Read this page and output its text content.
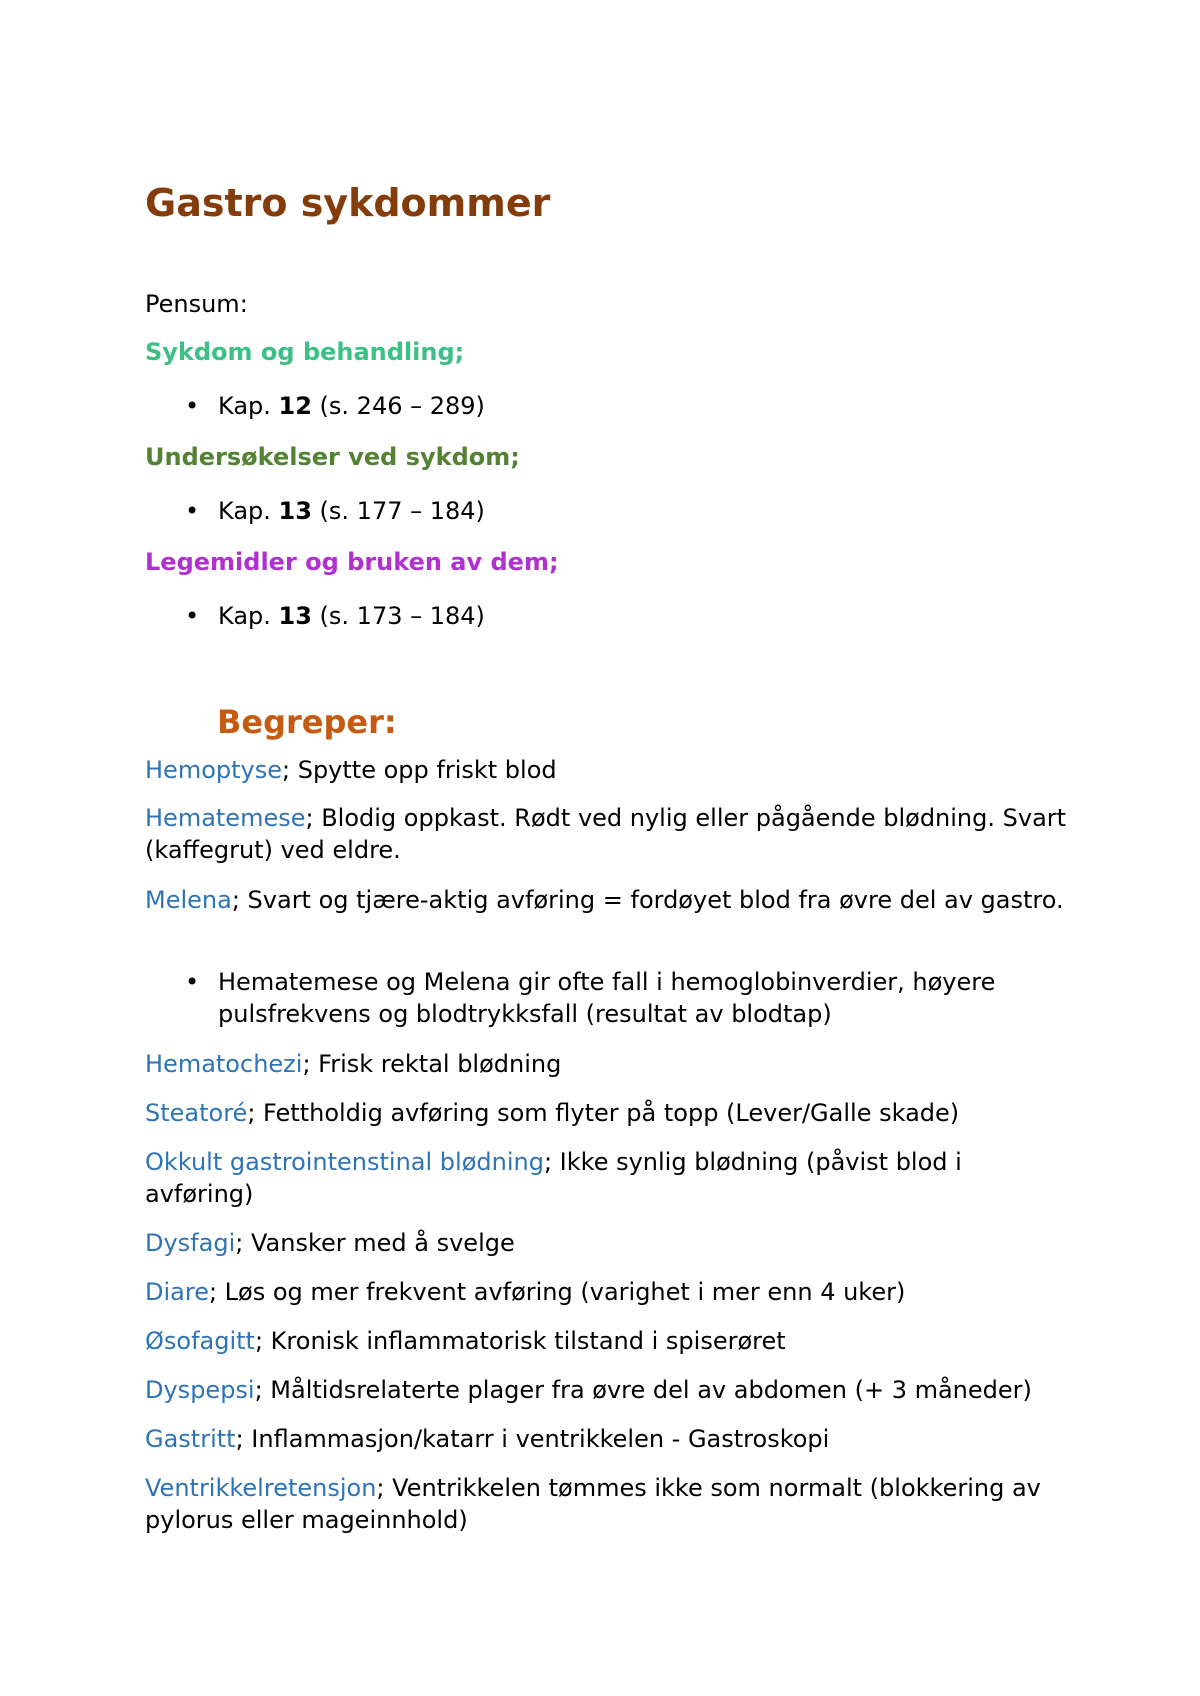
Gastro sykdommer

Pensum:

Sykdom og behandling;

• Kap. 12 (s. 246 – 289)

Undersøkelser ved sykdom;

• Kap. 13 (s. 177 – 184)

Legemidler og bruken av dem;

• Kap. 13 (s. 173 – 184)
Begreper:

Hemoptyse; Spytte opp friskt blod

Hematemese; Blodig oppkast. Rødt ved nylig eller pågående blødning. Svart (kaffegrut) ved eldre.

Melena; Svart og tjære-aktig avføring = fordøyet blod fra øvre del av gastro.

• Hematemese og Melena gir ofte fall i hemoglobinverdier, høyere pulsfrekvens og blodtrykksfall (resultat av blodtap)

Hematochezi; Frisk rektal blødning

Steatoré; Fettholdig avføring som flyter på topp (Lever/Galle skade)

Okkult gastrointenstinal blødning; Ikke synlig blødning (påvist blod i avføring)

Dysfagi; Vansker med å svelge

Diare; Løs og mer frekvent avføring (varighet i mer enn 4 uker)

Øsofagitt; Kronisk inflammatorisk tilstand i spiserøret

Dyspepsi; Måltidsrelaterte plager fra øvre del av abdomen (+ 3 måneder)

Gastritt; Inflammasjon/katarr i ventrikkelen - Gastroskopi

Ventrikkelretensjon; Ventrikkelen tømmes ikke som normalt (blokkering av pylorus eller mageinnhold)
